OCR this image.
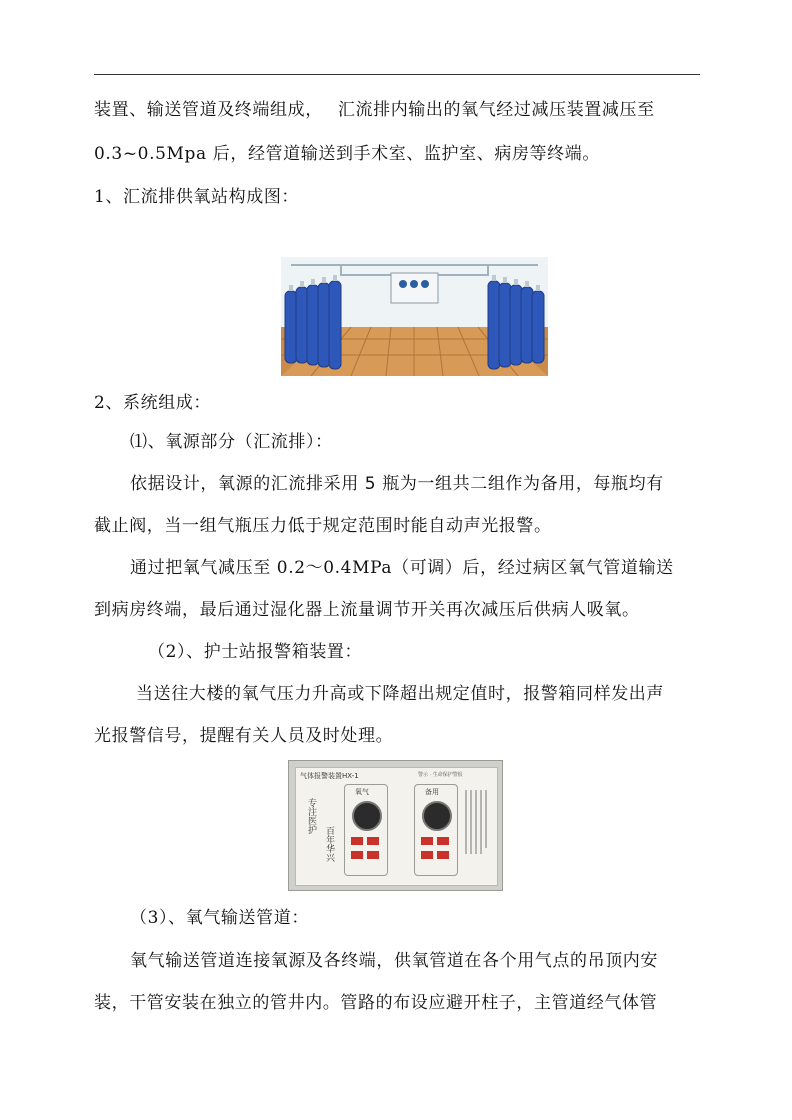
装置、输送管道及终端组成，　 汇流排内输出的氧气经过减压装置减压至
0.3~0.5Mpa 后，经管道输送到手术室、监护室、病房等终端。
1、汇流排供氧站构成图：
2、系统组成：
⑴、氧源部分（汇流排）：
依据设计，氧源的汇流排采用 5 瓶为一组共二组作为备用，每瓶均有
截止阀，当一组气瓶压力低于规定范围时能自动声光报警。
通过把氧气减压至 0.2～0.4MPa（可调）后，经过病区氧气管道输送
到病房终端，最后通过湿化器上流量调节开关再次减压后供病人吸氧。
（2）、护士站报警箱装置：
当送往大楼的氧气压力升高或下降超出规定值时，报警箱同样发出声
光报警信号，提醒有关人员及时处理。
气体报警装置HX-1	警示 · 生命保护警报
专注医护
百年华兴
氧气	备用
（3）、氧气输送管道：
氧气输送管道连接氧源及各终端，供氧管道在各个用气点的吊顶内安
装，干管安装在独立的管井内。管路的布设应避开柱子，主管道经气体管
